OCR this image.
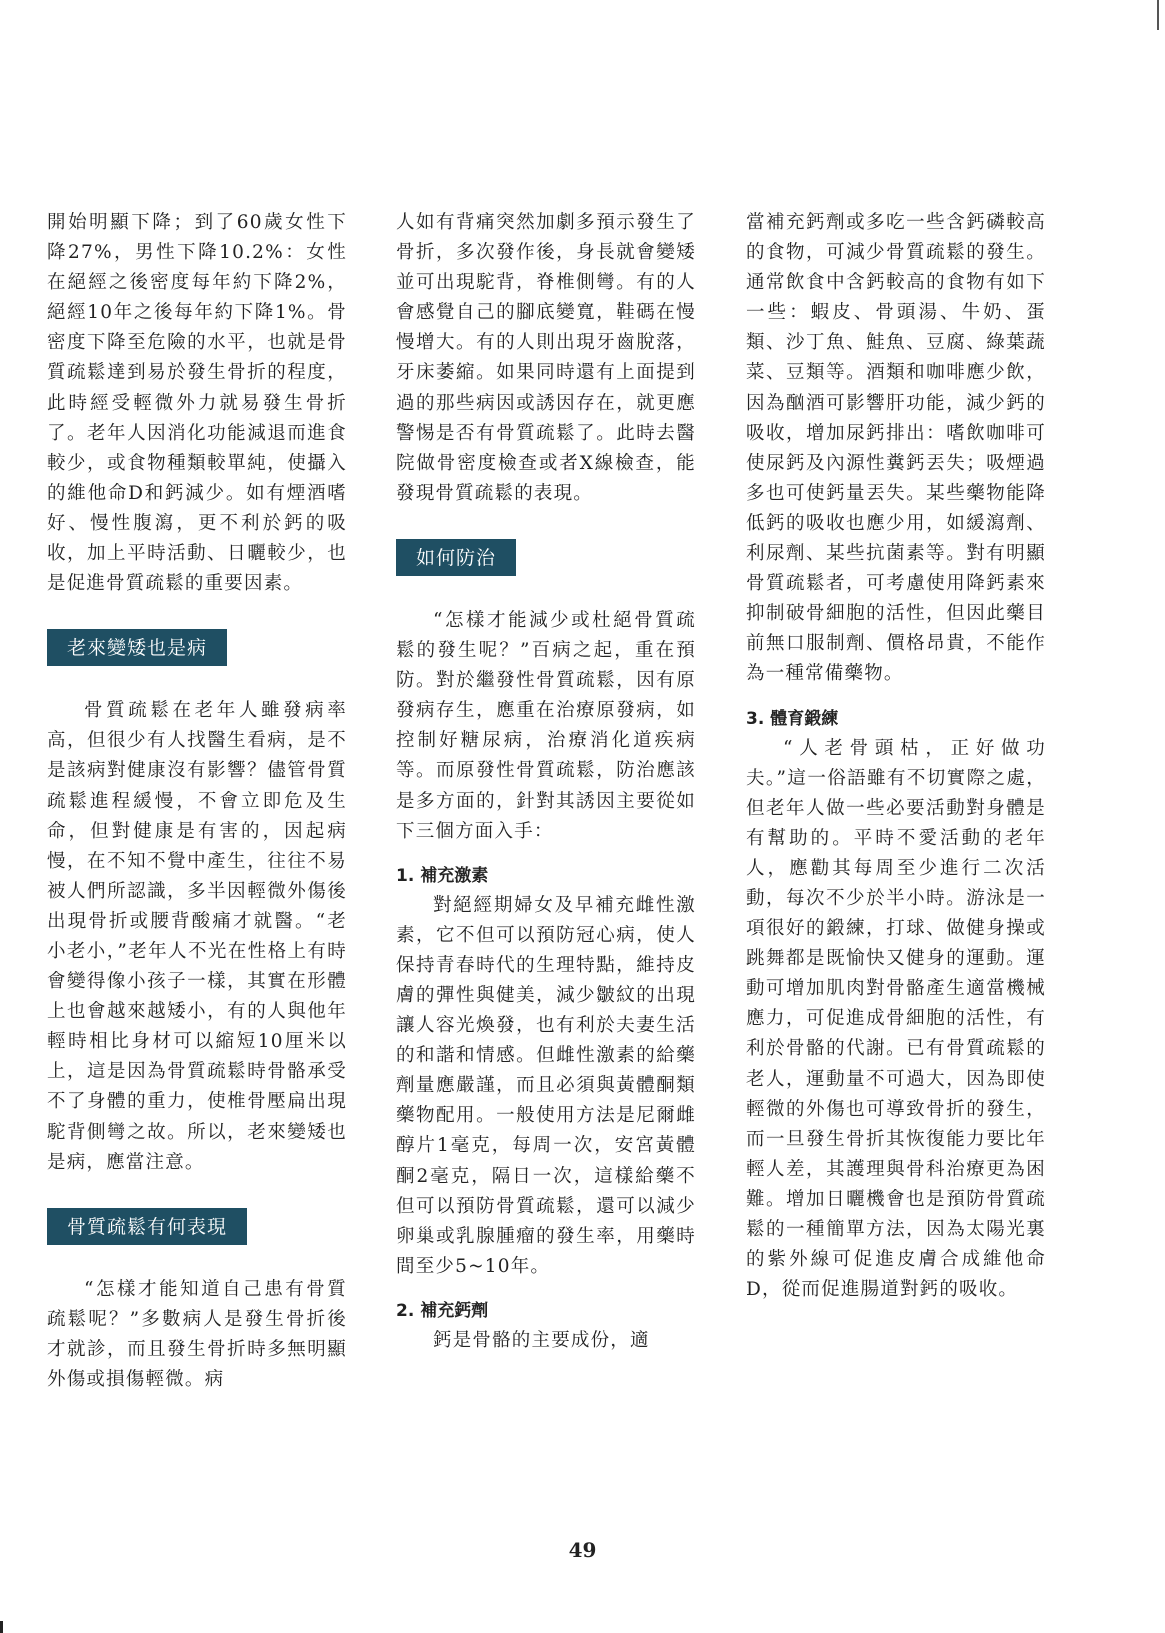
開始明顯下降；到了60歲女性下降27%，男性下降10.2%：女性在絕經之後密度每年約下降2%，絕經10年之後每年約下降1%。骨密度下降至危險的水平，也就是骨質疏鬆達到易於發生骨折的程度，此時經受輕微外力就易發生骨折了。老年人因消化功能減退而進食較少，或食物種類較單純，使攝入的維他命D和鈣減少。如有煙酒嗜好、慢性腹瀉，更不利於鈣的吸收，加上平時活動、日曬較少，也是促進骨質疏鬆的重要因素。

老來變矮也是病

骨質疏鬆在老年人雖發病率高，但很少有人找醫生看病，是不是該病對健康沒有影響？儘管骨質疏鬆進程緩慢，不會立即危及生命，但對健康是有害的，因起病慢，在不知不覺中產生，往往不易被人們所認識，多半因輕微外傷後出現骨折或腰背酸痛才就醫。“老小老小，”老年人不光在性格上有時會變得像小孩子一樣，其實在形體上也會越來越矮小，有的人與他年輕時相比身材可以縮短10厘米以上，這是因為骨質疏鬆時骨骼承受不了身體的重力，使椎骨壓扁出現駝背側彎之故。所以，老來變矮也是病，應當注意。

骨質疏鬆有何表現

“怎樣才能知道自己患有骨質疏鬆呢？”多數病人是發生骨折後才就診，而且發生骨折時多無明顯外傷或損傷輕微。病

人如有背痛突然加劇多預示發生了骨折，多次發作後，身長就會變矮並可出現駝背，脊椎側彎。有的人會感覺自己的腳底變寬，鞋碼在慢慢增大。有的人則出現牙齒脫落，牙床萎縮。如果同時還有上面提到過的那些病因或誘因存在，就更應警惕是否有骨質疏鬆了。此時去醫院做骨密度檢查或者X線檢查，能發現骨質疏鬆的表現。

如何防治

“怎樣才能減少或杜絕骨質疏鬆的發生呢？”百病之起，重在預防。對於繼發性骨質疏鬆，因有原發病存生，應重在治療原發病，如控制好糖尿病，治療消化道疾病等。而原發性骨質疏鬆，防治應該是多方面的，針對其誘因主要從如下三個方面入手：

1. 補充激素

對絕經期婦女及早補充雌性激素，它不但可以預防冠心病，使人保持青春時代的生理特點，維持皮膚的彈性與健美，減少皺紋的出現讓人容光煥發，也有利於夫妻生活的和諧和情感。但雌性激素的給藥劑量應嚴謹，而且必須與黃體酮類藥物配用。一般使用方法是尼爾雌醇片1毫克，每周一次，安宮黃體酮2毫克，隔日一次，這樣給藥不但可以預防骨質疏鬆，還可以減少卵巢或乳腺腫瘤的發生率，用藥時間至少5~10年。

2. 補充鈣劑

鈣是骨骼的主要成份，適

當補充鈣劑或多吃一些含鈣磷較高的食物，可減少骨質疏鬆的發生。通常飲食中含鈣較高的食物有如下一些：蝦皮、骨頭湯、牛奶、蛋類、沙丁魚、鮭魚、豆腐、綠葉蔬菜、豆類等。酒類和咖啡應少飲，因為酗酒可影響肝功能，減少鈣的吸收，增加尿鈣排出：嗜飲咖啡可使尿鈣及內源性糞鈣丟失；吸煙過多也可使鈣量丟失。某些藥物能降低鈣的吸收也應少用，如緩瀉劑、利尿劑、某些抗菌素等。對有明顯骨質疏鬆者，可考慮使用降鈣素來抑制破骨細胞的活性，但因此藥目前無口服制劑、價格昂貴，不能作為一種常備藥物。

3. 體育鍛練

“人老骨頭枯，正好做功夫。”這一俗語雖有不切實際之處，但老年人做一些必要活動對身體是有幫助的。平時不愛活動的老年人，應勸其每周至少進行二次活動，每次不少於半小時。游泳是一項很好的鍛練，打球、做健身操或跳舞都是既愉快又健身的運動。運動可增加肌肉對骨骼產生適當機械應力，可促進成骨細胞的活性，有利於骨骼的代謝。已有骨質疏鬆的老人，運動量不可過大，因為即使輕微的外傷也可導致骨折的發生，而一旦發生骨折其恢復能力要比年輕人差，其護理與骨科治療更為困難。增加日曬機會也是預防骨質疏鬆的一種簡單方法，因為太陽光裏的紫外線可促進皮膚合成維他命D，從而促進腸道對鈣的吸收。

49
